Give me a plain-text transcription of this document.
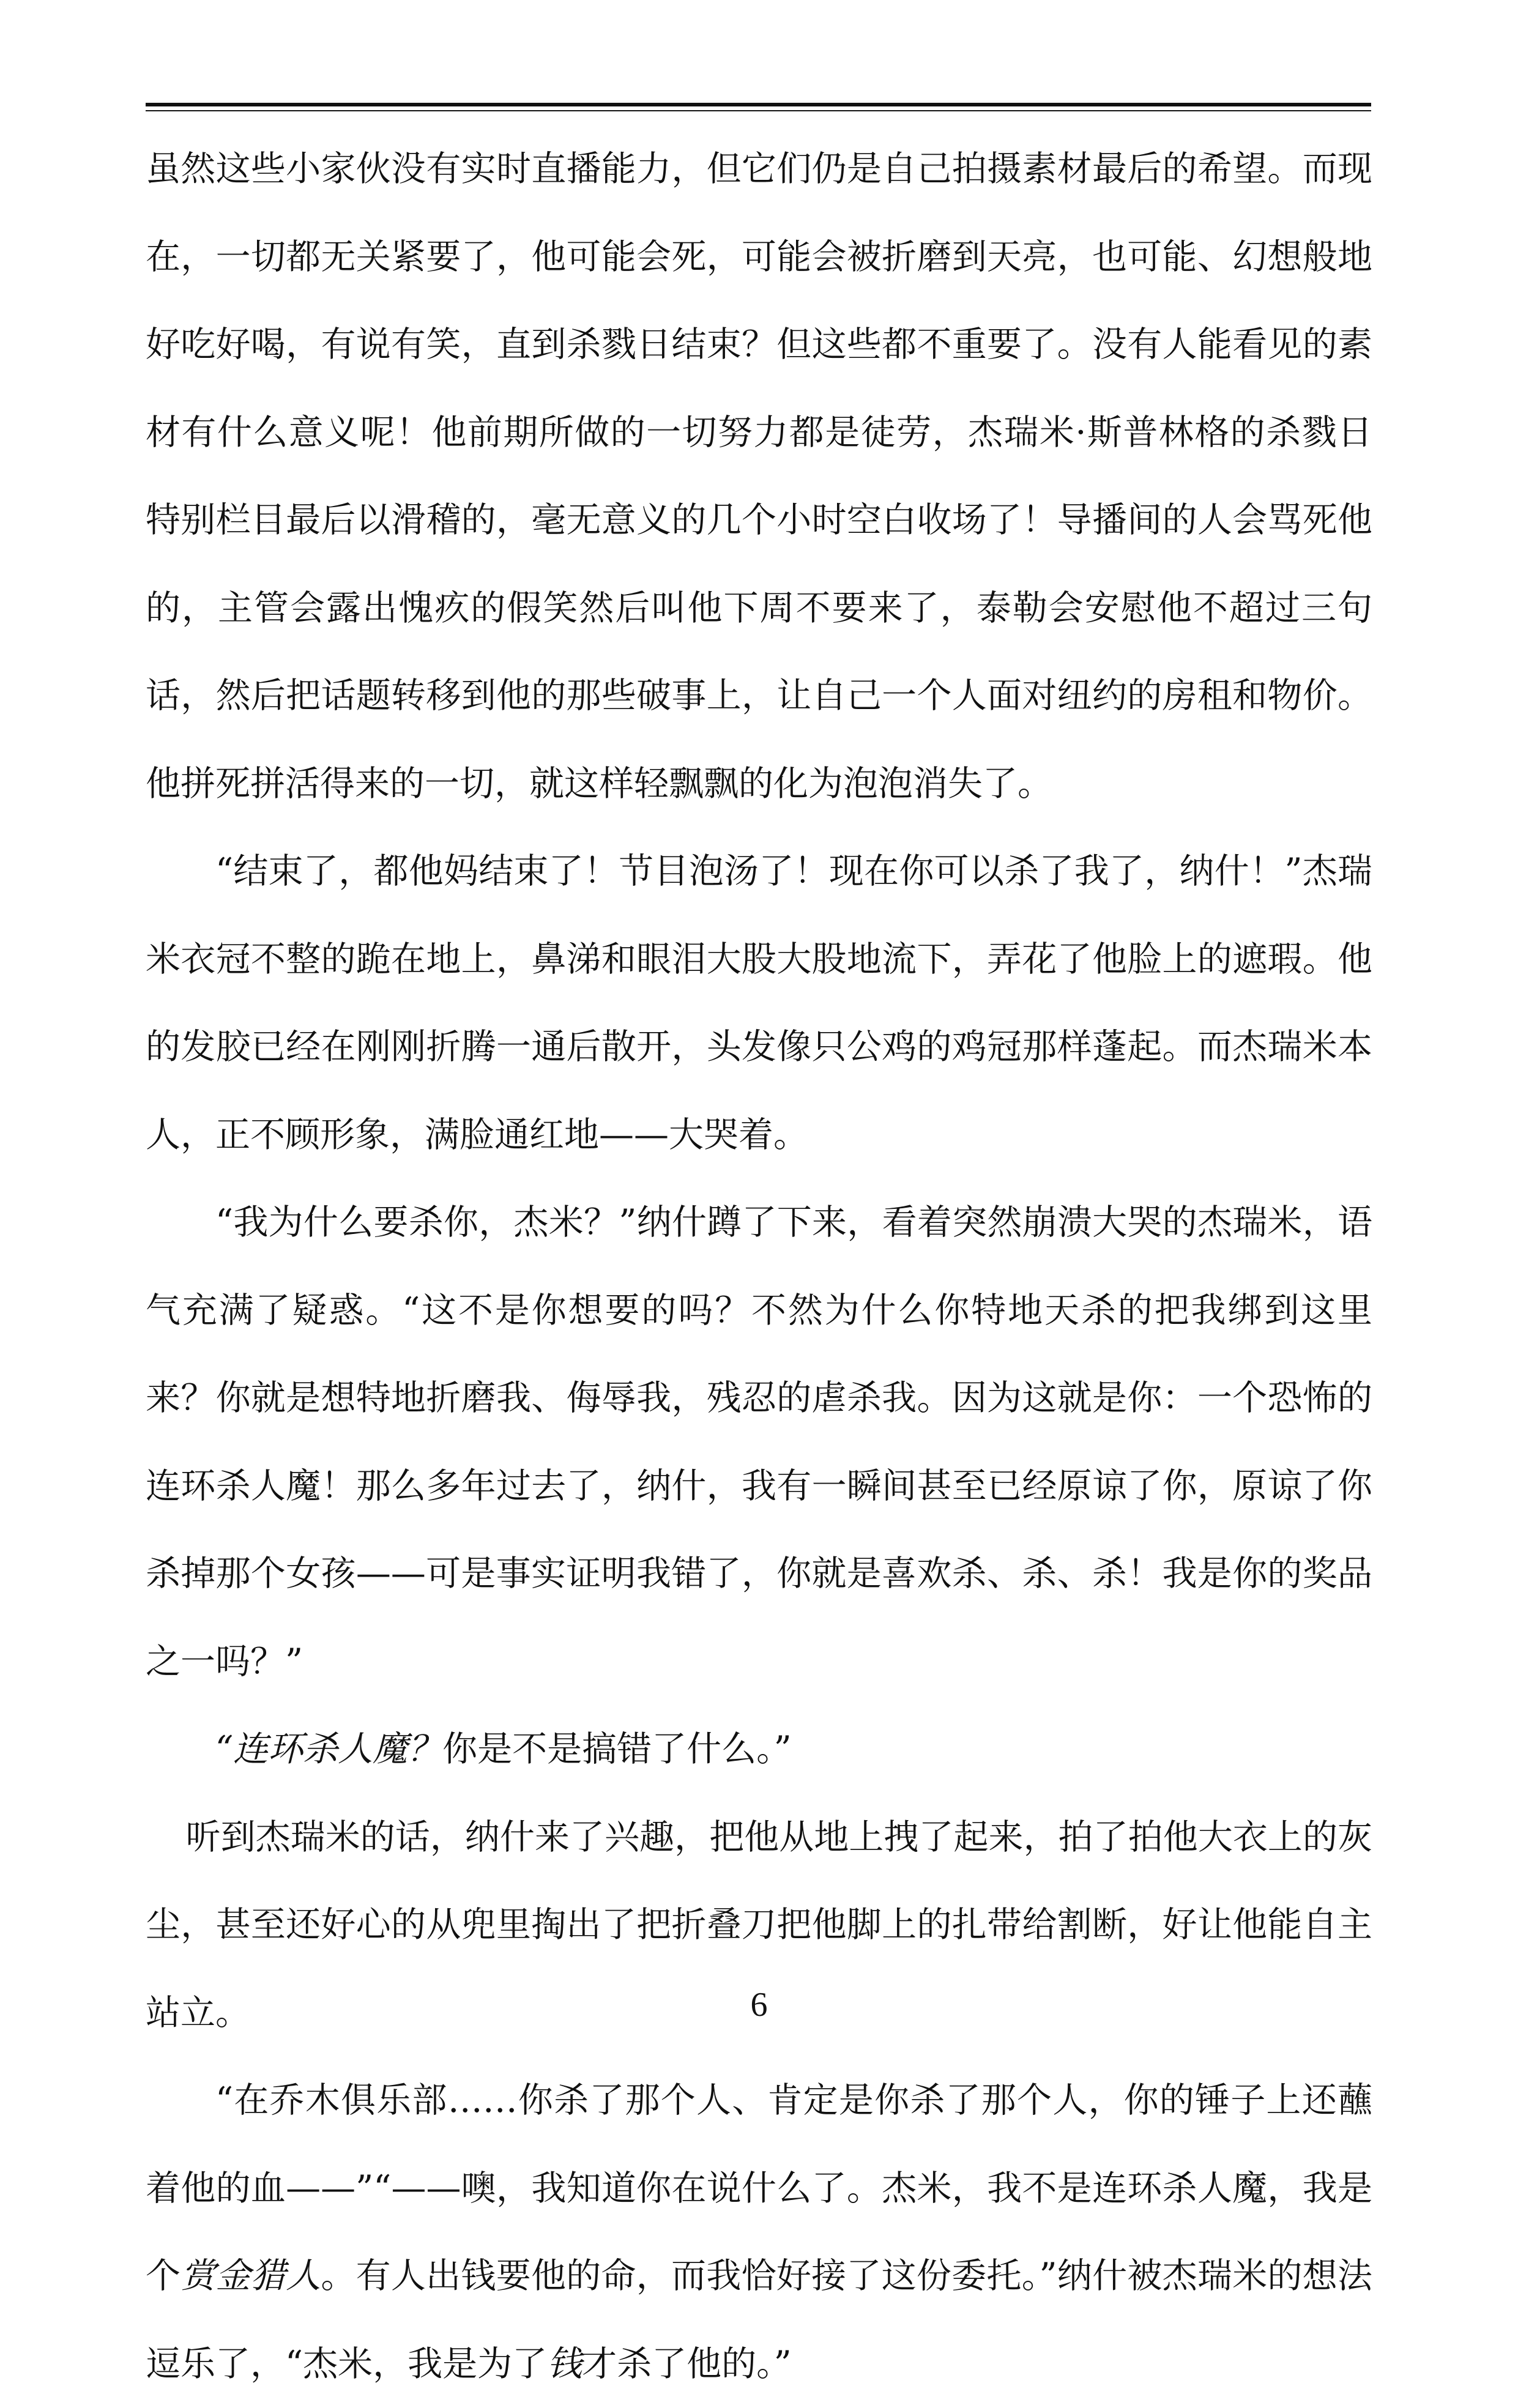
虽然这些小家伙没有实时直播能力，但它们仍是自己拍摄素材最后的希望。而现在，一切都无关紧要了，他可能会死，可能会被折磨到天亮，也可能、幻想般地好吃好喝，有说有笑，直到杀戮日结束？但这些都不重要了。没有人能看见的素材有什么意义呢！他前期所做的一切努力都是徒劳，杰瑞米·斯普林格的杀戮日特别栏目最后以滑稽的，毫无意义的几个小时空白收场了！导播间的人会骂死他的，主管会露出愧疚的假笑然后叫他下周不要来了，泰勒会安慰他不超过三句话，然后把话题转移到他的那些破事上，让自己一个人面对纽约的房租和物价。他拼死拼活得来的一切，就这样轻飘飘的化为泡泡消失了。

“结束了，都他妈结束了！节目泡汤了！现在你可以杀了我了，纳什！”杰瑞米衣冠不整的跪在地上，鼻涕和眼泪大股大股地流下，弄花了他脸上的遮瑕。他的发胶已经在刚刚折腾一通后散开，头发像只公鸡的鸡冠那样蓬起。而杰瑞米本人，正不顾形象，满脸通红地——大哭着。

“我为什么要杀你，杰米？”纳什蹲了下来，看着突然崩溃大哭的杰瑞米，语气充满了疑惑。“这不是你想要的吗？不然为什么你特地天杀的把我绑到这里来？你就是想特地折磨我、侮辱我，残忍的虐杀我。因为这就是你：一个恐怖的连环杀人魔！那么多年过去了，纳什，我有一瞬间甚至已经原谅了你，原谅了你杀掉那个女孩——可是事实证明我错了，你就是喜欢杀、杀、杀！我是你的奖品之一吗？”

“连环杀人魔？你是不是搞错了什么。”

听到杰瑞米的话，纳什来了兴趣，把他从地上拽了起来，拍了拍他大衣上的灰尘，甚至还好心的从兜里掏出了把折叠刀把他脚上的扎带给割断，好让他能自主站立。

“在乔木俱乐部……你杀了那个人、肯定是你杀了那个人，你的锤子上还蘸着他的血——”“——噢，我知道你在说什么了。杰米，我不是连环杀人魔，我是个赏金猎人。有人出钱要他的命，而我恰好接了这份委托。”纳什被杰瑞米的想法逗乐了，“杰米，我是为了钱才杀了他的。”

6
